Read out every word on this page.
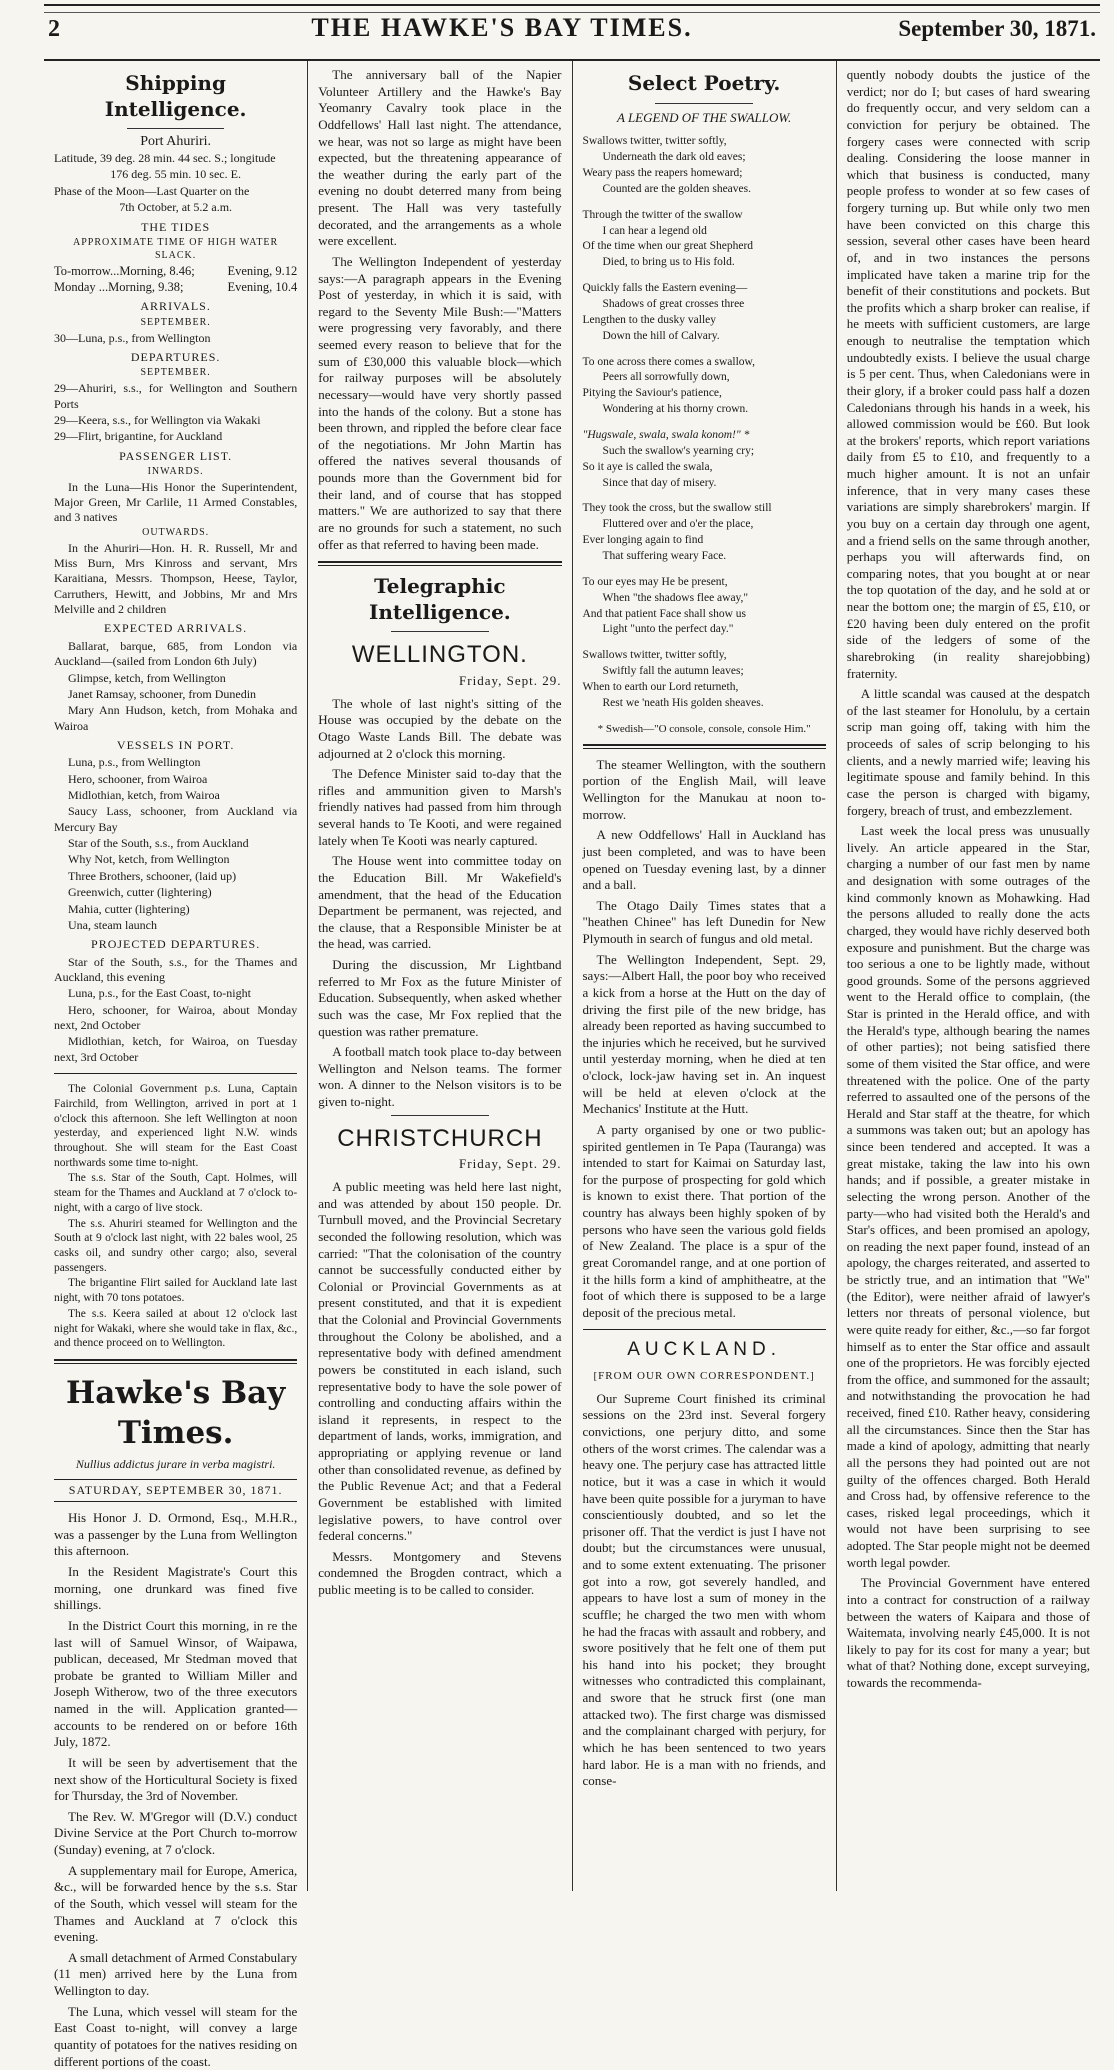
2	THE HAWKE'S BAY TIMES.	September 30, 1871.
Shipping Intelligence.
Port Ahuriri.
Latitude, 39 deg. 28 min. 44 sec. S.; longitude
176 deg. 55 min. 10 sec. E.
Phase of the Moon—Last Quarter on the
7th October, at 5.2 a.m.
THE TIDES
APPROXIMATE TIME OF HIGH WATER SLACK.
To-morrow...Morning, 8.46;	Evening, 9.12
Monday ...Morning, 9.38;	Evening, 10.4
ARRIVALS.
SEPTEMBER.
30—Luna, p.s., from Wellington
DEPARTURES.
SEPTEMBER.
29—Ahuriri, s.s., for Wellington and Southern Ports
29—Keera, s.s., for Wellington via Wakaki
29—Flirt, brigantine, for Auckland
PASSENGER LIST.
INWARDS.

In the Luna—His Honor the Superintendent, Major Green, Mr Carlile, 11 Armed Constables, and 3 natives

OUTWARDS.

In the Ahuriri—Hon. H. R. Russell, Mr and Miss Burn, Mrs Kinross and servant, Mrs Karaitiana, Messrs. Thompson, Heese, Taylor, Carruthers, Hewitt, and Jobbins, Mr and Mrs Melville and 2 children

EXPECTED ARRIVALS.

Ballarat, barque, 685, from London via Auckland—(sailed from London 6th July)

Glimpse, ketch, from Wellington

Janet Ramsay, schooner, from Dunedin

Mary Ann Hudson, ketch, from Mohaka and Wairoa

VESSELS IN PORT.

Luna, p.s., from Wellington

Hero, schooner, from Wairoa

Midlothian, ketch, from Wairoa

Saucy Lass, schooner, from Auckland via Mercury Bay

Star of the South, s.s., from Auckland

Why Not, ketch, from Wellington

Three Brothers, schooner, (laid up)

Greenwich, cutter (lightering)

Mahia, cutter (lightering)

Una, steam launch

PROJECTED DEPARTURES.

Star of the South, s.s., for the Thames and Auckland, this evening

Luna, p.s., for the East Coast, to-night

Hero, schooner, for Wairoa, about Monday next, 2nd October

Midlothian, ketch, for Wairoa, on Tuesday next, 3rd October

The Colonial Government p.s. Luna, Captain Fairchild, from Wellington, arrived in port at 1 o'clock this afternoon. She left Wellington at noon yesterday, and experienced light N.W. winds throughout. She will steam for the East Coast northwards some time to-night.

The s.s. Star of the South, Capt. Holmes, will steam for the Thames and Auckland at 7 o'clock to-night, with a cargo of live stock.

The s.s. Ahuriri steamed for Wellington and the South at 9 o'clock last night, with 22 bales wool, 25 casks oil, and sundry other cargo; also, several passengers.

The brigantine Flirt sailed for Auckland late last night, with 70 tons potatoes.

The s.s. Keera sailed at about 12 o'clock last night for Wakaki, where she would take in flax, &c., and thence proceed on to Wellington.

Hawke's Bay Times.
Nullius addictus jurare in verba magistri.
SATURDAY, SEPTEMBER 30, 1871.

His Honor J. D. Ormond, Esq., M.H.R., was a passenger by the Luna from Wellington this afternoon.

In the Resident Magistrate's Court this morning, one drunkard was fined five shillings.

In the District Court this morning, in re the last will of Samuel Winsor, of Waipawa, publican, deceased, Mr Stedman moved that probate be granted to William Miller and Joseph Witherow, two of the three executors named in the will. Application granted—accounts to be rendered on or before 16th July, 1872.

It will be seen by advertisement that the next show of the Horticultural Society is fixed for Thursday, the 3rd of November.

The Rev. W. M'Gregor will (D.V.) conduct Divine Service at the Port Church to-morrow (Sunday) evening, at 7 o'clock.

A supplementary mail for Europe, America, &c., will be forwarded hence by the s.s. Star of the South, which vessel will steam for the Thames and Auckland at 7 o'clock this evening.

A small detachment of Armed Constabulary (11 men) arrived here by the Luna from Wellington to day.

The Luna, which vessel will steam for the East Coast to-night, will convey a large quantity of potatoes for the natives residing on different portions of the coast.

The anniversary ball of the Napier Volunteer Artillery and the Hawke's Bay Yeomanry Cavalry took place in the Oddfellows' Hall last night. The attendance, we hear, was not so large as might have been expected, but the threatening appearance of the weather during the early part of the evening no doubt deterred many from being present. The Hall was very tastefully decorated, and the arrangements as a whole were excellent.

The Wellington Independent of yesterday says:—A paragraph appears in the Evening Post of yesterday, in which it is said, with regard to the Seventy Mile Bush:—"Matters were progressing very favorably, and there seemed every reason to believe that for the sum of £30,000 this valuable block—which for railway purposes will be absolutely necessary—would have very shortly passed into the hands of the colony. But a stone has been thrown, and rippled the before clear face of the negotiations. Mr John Martin has offered the natives several thousands of pounds more than the Government bid for their land, and of course that has stopped matters." We are authorized to say that there are no grounds for such a statement, no such offer as that referred to having been made.

Telegraphic Intelligence.
WELLINGTON.
Friday, Sept. 29.

The whole of last night's sitting of the House was occupied by the debate on the Otago Waste Lands Bill. The debate was adjourned at 2 o'clock this morning.

The Defence Minister said to-day that the rifles and ammunition given to Marsh's friendly natives had passed from him through several hands to Te Kooti, and were regained lately when Te Kooti was nearly captured.

The House went into committee today on the Education Bill. Mr Wakefield's amendment, that the head of the Education Department be permanent, was rejected, and the clause, that a Responsible Minister be at the head, was carried.

During the discussion, Mr Lightband referred to Mr Fox as the future Minister of Education. Subsequently, when asked whether such was the case, Mr Fox replied that the question was rather premature.

A football match took place to-day between Wellington and Nelson teams. The former won. A dinner to the Nelson visitors is to be given to-night.

CHRISTCHURCH
Friday, Sept. 29.

A public meeting was held here last night, and was attended by about 150 people. Dr. Turnbull moved, and the Provincial Secretary seconded the following resolution, which was carried: "That the colonisation of the country cannot be successfully conducted either by Colonial or Provincial Governments as at present constituted, and that it is expedient that the Colonial and Provincial Governments throughout the Colony be abolished, and a representative body with defined amendment powers be constituted in each island, such representative body to have the sole power of controlling and conducting affairs within the island it represents, in respect to the department of lands, works, immigration, and appropriating or applying revenue or land other than consolidated revenue, as defined by the Public Revenue Act; and that a Federal Government be established with limited legislative powers, to have control over federal concerns."

Messrs. Montgomery and Stevens condemned the Brogden contract, which a public meeting is to be called to consider.

Select Poetry.
A LEGEND OF THE SWALLOW.
Swallows twitter, twitter softly,
Underneath the dark old eaves;
Weary pass the reapers homeward;
Counted are the golden sheaves.
Through the twitter of the swallow
I can hear a legend old
Of the time when our great Shepherd
Died, to bring us to His fold.
Quickly falls the Eastern evening—
Shadows of great crosses three
Lengthen to the dusky valley
Down the hill of Calvary.
To one across there comes a swallow,
Peers all sorrowfully down,
Pitying the Saviour's patience,
Wondering at his thorny crown.
"Hugswale, swala, swala konom!" *
Such the swallow's yearning cry;
So it aye is called the swala,
Since that day of misery.
They took the cross, but the swallow still
Fluttered over and o'er the place,
Ever longing again to find
That suffering weary Face.
To our eyes may He be present,
When "the shadows flee away,"
And that patient Face shall show us
Light "unto the perfect day."
Swallows twitter, twitter softly,
Swiftly fall the autumn leaves;
When to earth our Lord returneth,
Rest we 'neath His golden sheaves.
* Swedish—"O console, console, console Him."

The steamer Wellington, with the southern portion of the English Mail, will leave Wellington for the Manukau at noon to-morrow.

A new Oddfellows' Hall in Auckland has just been completed, and was to have been opened on Tuesday evening last, by a dinner and a ball.

The Otago Daily Times states that a "heathen Chinee" has left Dunedin for New Plymouth in search of fungus and old metal.

The Wellington Independent, Sept. 29, says:—Albert Hall, the poor boy who received a kick from a horse at the Hutt on the day of driving the first pile of the new bridge, has already been reported as having succumbed to the injuries which he received, but he survived until yesterday morning, when he died at ten o'clock, lock-jaw having set in. An inquest will be held at eleven o'clock at the Mechanics' Institute at the Hutt.

A party organised by one or two public-spirited gentlemen in Te Papa (Tauranga) was intended to start for Kaimai on Saturday last, for the purpose of prospecting for gold which is known to exist there. That portion of the country has always been highly spoken of by persons who have seen the various gold fields of New Zealand. The place is a spur of the great Coromandel range, and at one portion of it the hills form a kind of amphitheatre, at the foot of which there is supposed to be a large deposit of the precious metal.

AUCKLAND.
[FROM OUR OWN CORRESPONDENT.]

Our Supreme Court finished its criminal sessions on the 23rd inst. Several forgery convictions, one perjury ditto, and some others of the worst crimes. The calendar was a heavy one. The perjury case has attracted little notice, but it was a case in which it would have been quite possible for a juryman to have conscientiously doubted, and so let the prisoner off. That the verdict is just I have not doubt; but the circumstances were unusual, and to some extent extenuating. The prisoner got into a row, got severely handled, and appears to have lost a sum of money in the scuffle; he charged the two men with whom he had the fracas with assault and robbery, and swore positively that he felt one of them put his hand into his pocket; they brought witnesses who contradicted this complainant, and swore that he struck first (one man attacked two). The first charge was dismissed and the complainant charged with perjury, for which he has been sentenced to two years hard labor. He is a man with no friends, and conse-

quently nobody doubts the justice of the verdict; nor do I; but cases of hard swearing do frequently occur, and very seldom can a conviction for perjury be obtained. The forgery cases were connected with scrip dealing. Considering the loose manner in which that business is conducted, many people profess to wonder at so few cases of forgery turning up. But while only two men have been convicted on this charge this session, several other cases have been heard of, and in two instances the persons implicated have taken a marine trip for the benefit of their constitutions and pockets. But the profits which a sharp broker can realise, if he meets with sufficient customers, are large enough to neutralise the temptation which undoubtedly exists. I believe the usual charge is 5 per cent. Thus, when Caledonians were in their glory, if a broker could pass half a dozen Caledonians through his hands in a week, his allowed commission would be £60. But look at the brokers' reports, which report variations daily from £5 to £10, and frequently to a much higher amount. It is not an unfair inference, that in very many cases these variations are simply sharebrokers' margin. If you buy on a certain day through one agent, and a friend sells on the same through another, perhaps you will afterwards find, on comparing notes, that you bought at or near the top quotation of the day, and he sold at or near the bottom one; the margin of £5, £10, or £20 having been duly entered on the profit side of the ledgers of some of the sharebroking (in reality sharejobbing) fraternity.

A little scandal was caused at the despatch of the last steamer for Honolulu, by a certain scrip man going off, taking with him the proceeds of sales of scrip belonging to his clients, and a newly married wife; leaving his legitimate spouse and family behind. In this case the person is charged with bigamy, forgery, breach of trust, and embezzlement.

Last week the local press was unusually lively. An article appeared in the Star, charging a number of our fast men by name and designation with some outrages of the kind commonly known as Mohawking. Had the persons alluded to really done the acts charged, they would have richly deserved both exposure and punishment. But the charge was too serious a one to be lightly made, without good grounds. Some of the persons aggrieved went to the Herald office to complain, (the Star is printed in the Herald office, and with the Herald's type, although bearing the names of other parties); not being satisfied there some of them visited the Star office, and were threatened with the police. One of the party referred to assaulted one of the persons of the Herald and Star staff at the theatre, for which a summons was taken out; but an apology has since been tendered and accepted. It was a great mistake, taking the law into his own hands; and if possible, a greater mistake in selecting the wrong person. Another of the party—who had visited both the Herald's and Star's offices, and been promised an apology, on reading the next paper found, instead of an apology, the charges reiterated, and asserted to be strictly true, and an intimation that "We" (the Editor), were neither afraid of lawyer's letters nor threats of personal violence, but were quite ready for either, &c.,—so far forgot himself as to enter the Star office and assault one of the proprietors. He was forcibly ejected from the office, and summoned for the assault; and notwithstanding the provocation he had received, fined £10. Rather heavy, considering all the circumstances. Since then the Star has made a kind of apology, admitting that nearly all the persons they had pointed out are not guilty of the offences charged. Both Herald and Cross had, by offensive reference to the cases, risked legal proceedings, which it would not have been surprising to see adopted. The Star people might not be deemed worth legal powder.

The Provincial Government have entered into a contract for construction of a railway between the waters of Kaipara and those of Waitemata, involving nearly £45,000. It is not likely to pay for its cost for many a year; but what of that? Nothing done, except surveying, towards the recommenda-
